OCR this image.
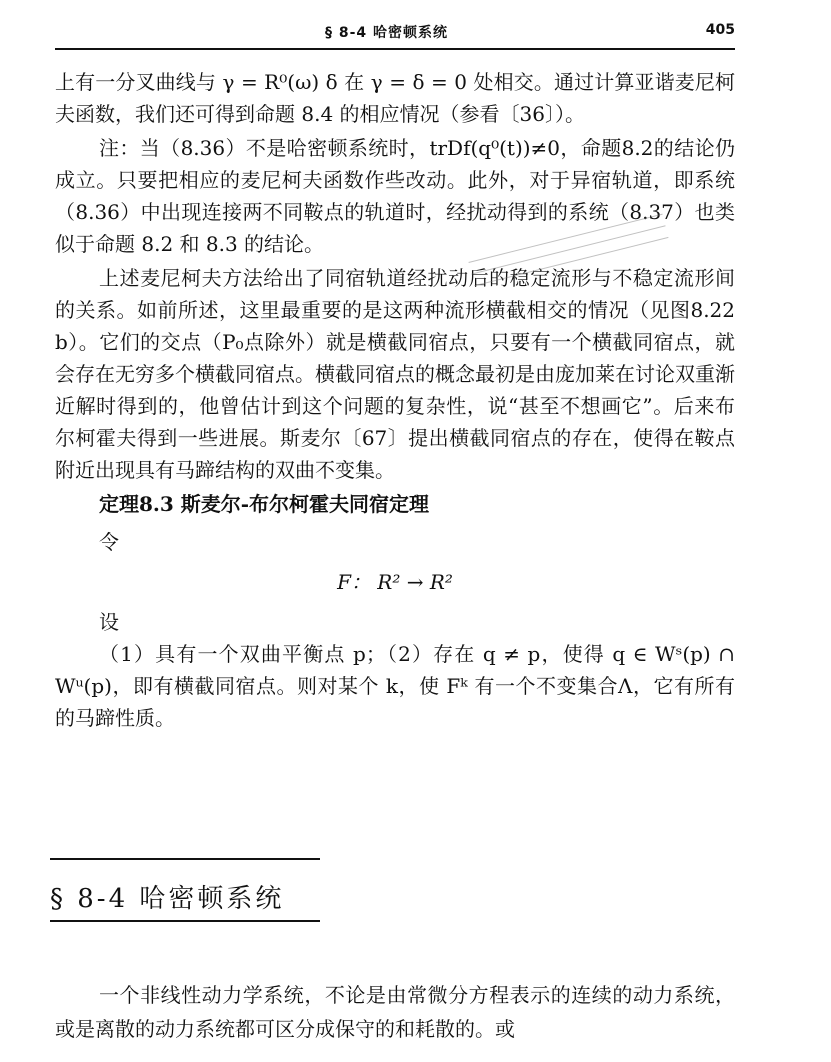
§ 8-4 哈密顿系统	405

上有一分叉曲线与 γ = R⁰(ω) δ 在 γ = δ = 0 处相交。通过计算亚谐麦尼柯夫函数，我们还可得到命题 8.4 的相应情况（参看〔36〕）。

注：当（8.36）不是哈密顿系统时，trDf(q⁰(t))≠0，命题8.2的结论仍成立。只要把相应的麦尼柯夫函数作些改动。此外，对于异宿轨道，即系统（8.36）中出现连接两不同鞍点的轨道时，经扰动得到的系统（8.37）也类似于命题 8.2 和 8.3 的结论。

上述麦尼柯夫方法给出了同宿轨道经扰动后的稳定流形与不稳定流形间的关系。如前所述，这里最重要的是这两种流形横截相交的情况（见图8.22 b）。它们的交点（P₀点除外）就是横截同宿点，只要有一个横截同宿点，就会存在无穷多个横截同宿点。横截同宿点的概念最初是由庞加莱在讨论双重渐近解时得到的，他曾估计到这个问题的复杂性，说“甚至不想画它”。后来布尔柯霍夫得到一些进展。斯麦尔〔67〕提出横截同宿点的存在，使得在鞍点附近出现具有马蹄结构的双曲不变集。

定理8.3 斯麦尔-布尔柯霍夫同宿定理
令
F： R² → R²
设

（1）具有一个双曲平衡点 p；（2）存在 q ≠ p，使得 q ∈ Wˢ(p) ∩ Wᵘ(p)，即有横截同宿点。则对某个 k，使 Fᵏ 有一个不变集合Λ，它有所有的马蹄性质。

§ 8-4 哈密顿系统

一个非线性动力学系统，不论是由常微分方程表示的连续的动力系统，或是离散的动力系统都可区分成保守的和耗散的。或
